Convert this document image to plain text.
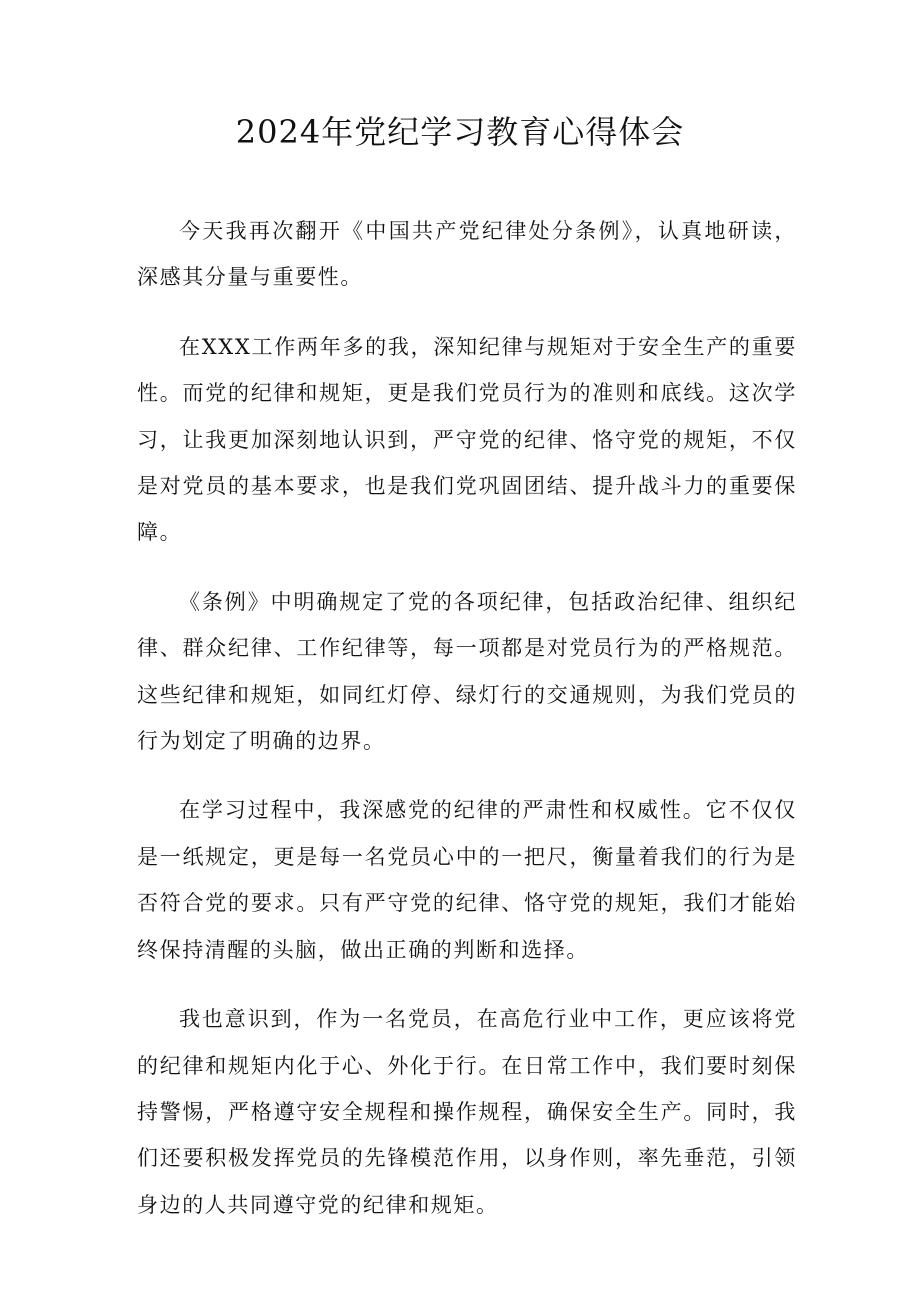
2024年党纪学习教育心得体会

今天我再次翻开《中国共产党纪律处分条例》，认真地研读，深感其分量与重要性。

在XXX工作两年多的我，深知纪律与规矩对于安全生产的重要性。而党的纪律和规矩，更是我们党员行为的准则和底线。这次学习，让我更加深刻地认识到，严守党的纪律、恪守党的规矩，不仅是对党员的基本要求，也是我们党巩固团结、提升战斗力的重要保障。

《条例》中明确规定了党的各项纪律，包括政治纪律、组织纪律、群众纪律、工作纪律等，每一项都是对党员行为的严格规范。这些纪律和规矩，如同红灯停、绿灯行的交通规则，为我们党员的行为划定了明确的边界。

在学习过程中，我深感党的纪律的严肃性和权威性。它不仅仅是一纸规定，更是每一名党员心中的一把尺，衡量着我们的行为是否符合党的要求。只有严守党的纪律、恪守党的规矩，我们才能始终保持清醒的头脑，做出正确的判断和选择。

我也意识到，作为一名党员，在高危行业中工作，更应该将党的纪律和规矩内化于心、外化于行。在日常工作中，我们要时刻保持警惕，严格遵守安全规程和操作规程，确保安全生产。同时，我们还要积极发挥党员的先锋模范作用，以身作则，率先垂范，引领身边的人共同遵守党的纪律和规矩。
